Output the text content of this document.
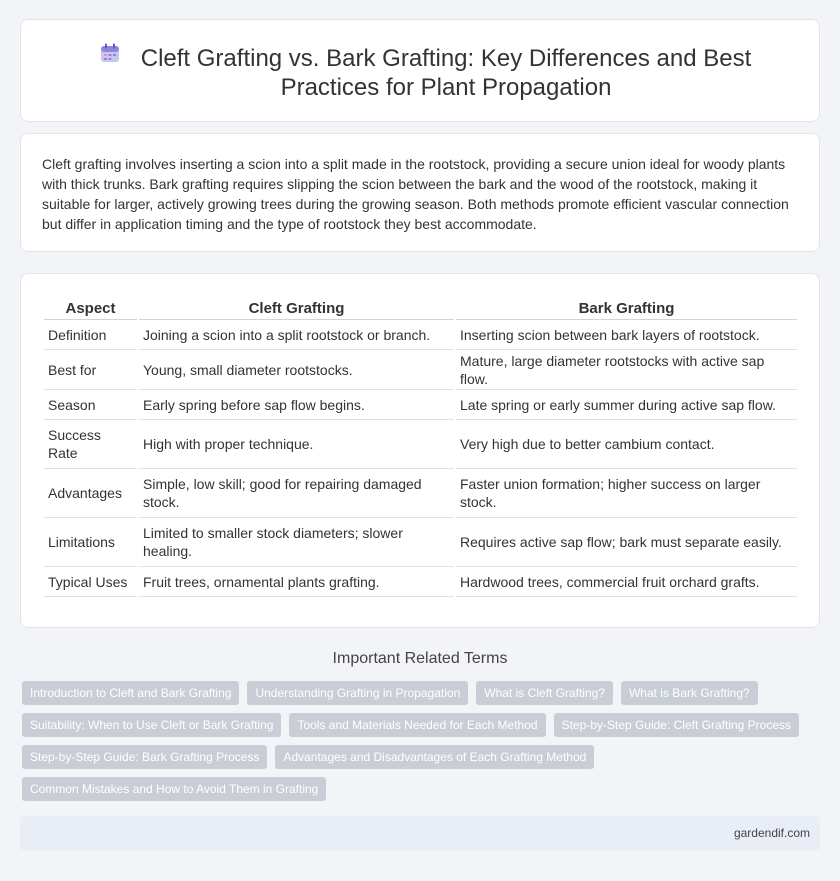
Cleft Grafting vs. Bark Grafting: Key Differences and Best Practices for Plant Propagation

Cleft grafting involves inserting a scion into a split made in the rootstock, providing a secure union ideal for woody plants with thick trunks. Bark grafting requires slipping the scion between the bark and the wood of the rootstock, making it suitable for larger, actively growing trees during the growing season. Both methods promote efficient vascular connection but differ in application timing and the type of rootstock they best accommodate.

Aspect	Cleft Grafting	Bark Grafting
Definition	Joining a scion into a split rootstock or branch.	Inserting scion between bark layers of rootstock.
Best for	Young, small diameter rootstocks.	Mature, large diameter rootstocks with active sap flow.
Season	Early spring before sap flow begins.	Late spring or early summer during active sap flow.
Success Rate	High with proper technique.	Very high due to better cambium contact.
Advantages	Simple, low skill; good for repairing damaged stock.	Faster union formation; higher success on larger stock.
Limitations	Limited to smaller stock diameters; slower healing.	Requires active sap flow; bark must separate easily.
Typical Uses	Fruit trees, ornamental plants grafting.	Hardwood trees, commercial fruit orchard grafts.
Important Related Terms
Introduction to Cleft and Bark Grafting	Understanding Grafting in Propagation	What is Cleft Grafting?	What is Bark Grafting?
Suitability: When to Use Cleft or Bark Grafting	Tools and Materials Needed for Each Method	Step-by-Step Guide: Cleft Grafting Process
Step-by-Step Guide: Bark Grafting Process	Advantages and Disadvantages of Each Grafting Method
Common Mistakes and How to Avoid Them in Grafting
gardendif.com
